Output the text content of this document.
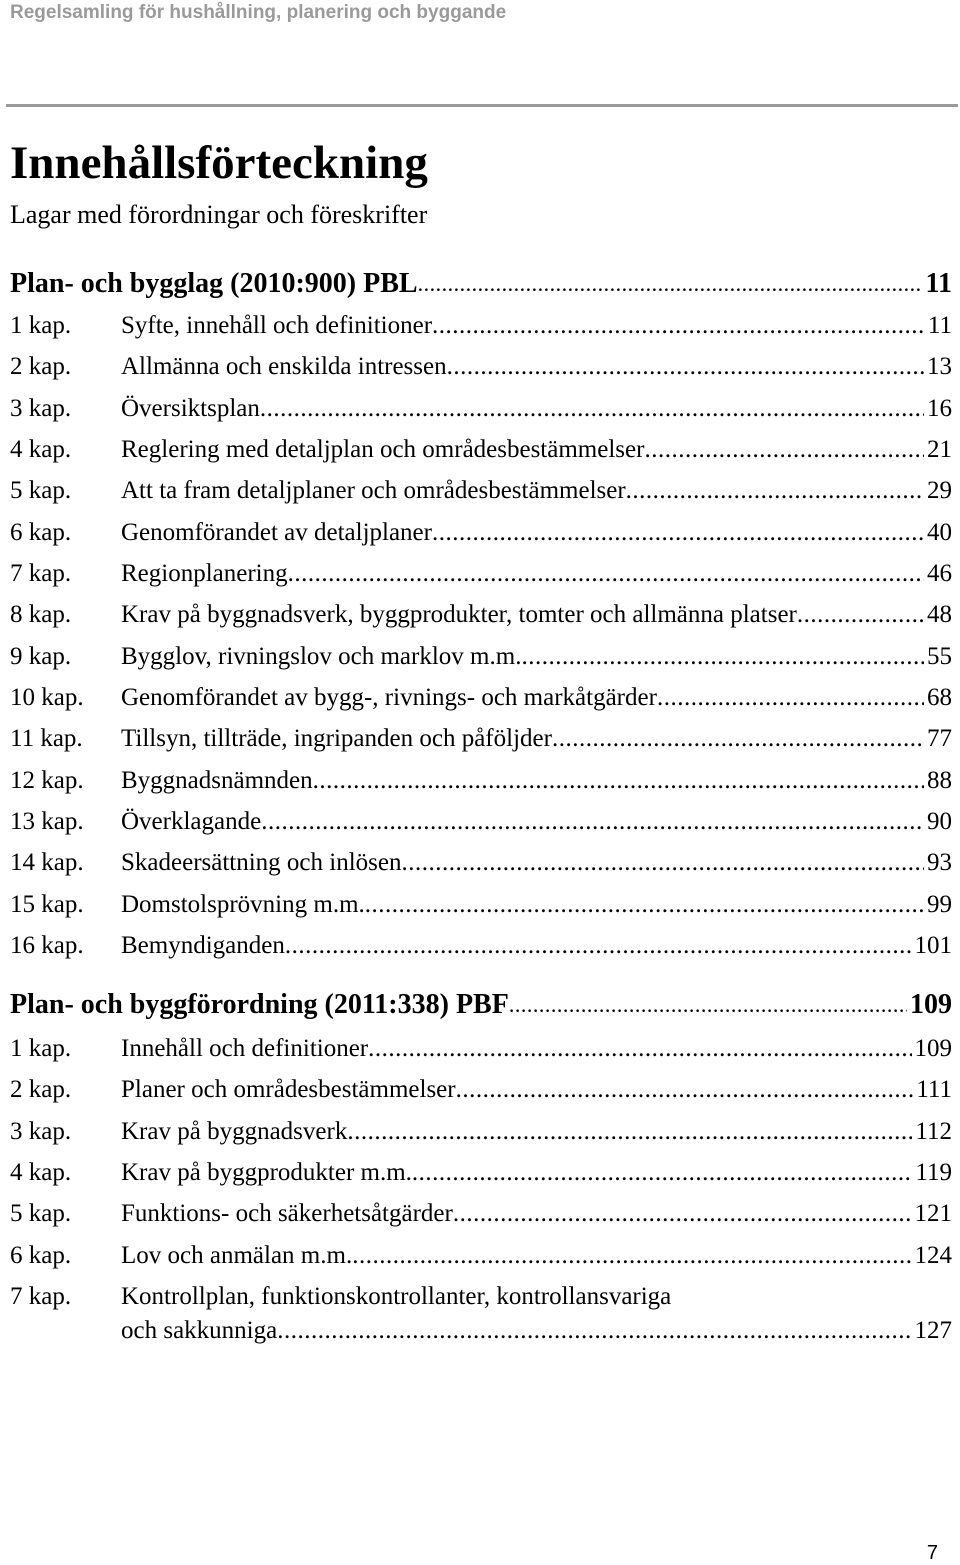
Regelsamling för hushållning, planering och byggande
Innehållsförteckning
Lagar med förordningar och föreskrifter
Plan- och bygglag (2010:900) PBL .....	11
1 kap.	Syfte, innehåll och definitioner .....	11
2 kap.	Allmänna och enskilda intressen .....	13
3 kap.	Översiktsplan .....	16
4 kap.	Reglering med detaljplan och områdesbestämmelser .....	21
5 kap.	Att ta fram detaljplaner och områdesbestämmelser .....	29
6 kap.	Genomförandet av detaljplaner .....	40
7 kap.	Regionplanering .....	46
8 kap.	Krav på byggnadsverk, byggprodukter, tomter och allmänna platser .....	48
9 kap.	Bygglov, rivningslov och marklov m.m. .....	55
10 kap.	Genomförandet av bygg-, rivnings- och markåtgärder .....	68
11 kap.	Tillsyn, tillträde, ingripanden och påföljder .....	77
12 kap.	Byggnadsnämnden .....	88
13 kap.	Överklagande .....	90
14 kap.	Skadeersättning och inlösen .....	93
15 kap.	Domstolsprövning m.m. .....	99
16 kap.	Bemyndiganden .....	101
Plan- och byggförordning (2011:338) PBF .....	109
1 kap.	Innehåll och definitioner .....	109
2 kap.	Planer och områdesbestämmelser .....	111
3 kap.	Krav på byggnadsverk .....	112
4 kap.	Krav på byggprodukter m.m. .....	119
5 kap.	Funktions- och säkerhetsåtgärder .....	121
6 kap.	Lov och anmälan m.m. .....	124
7 kap.	Kontrollplan, funktionskontrollanter, kontrollansvariga
och sakkunniga .....	127
7
